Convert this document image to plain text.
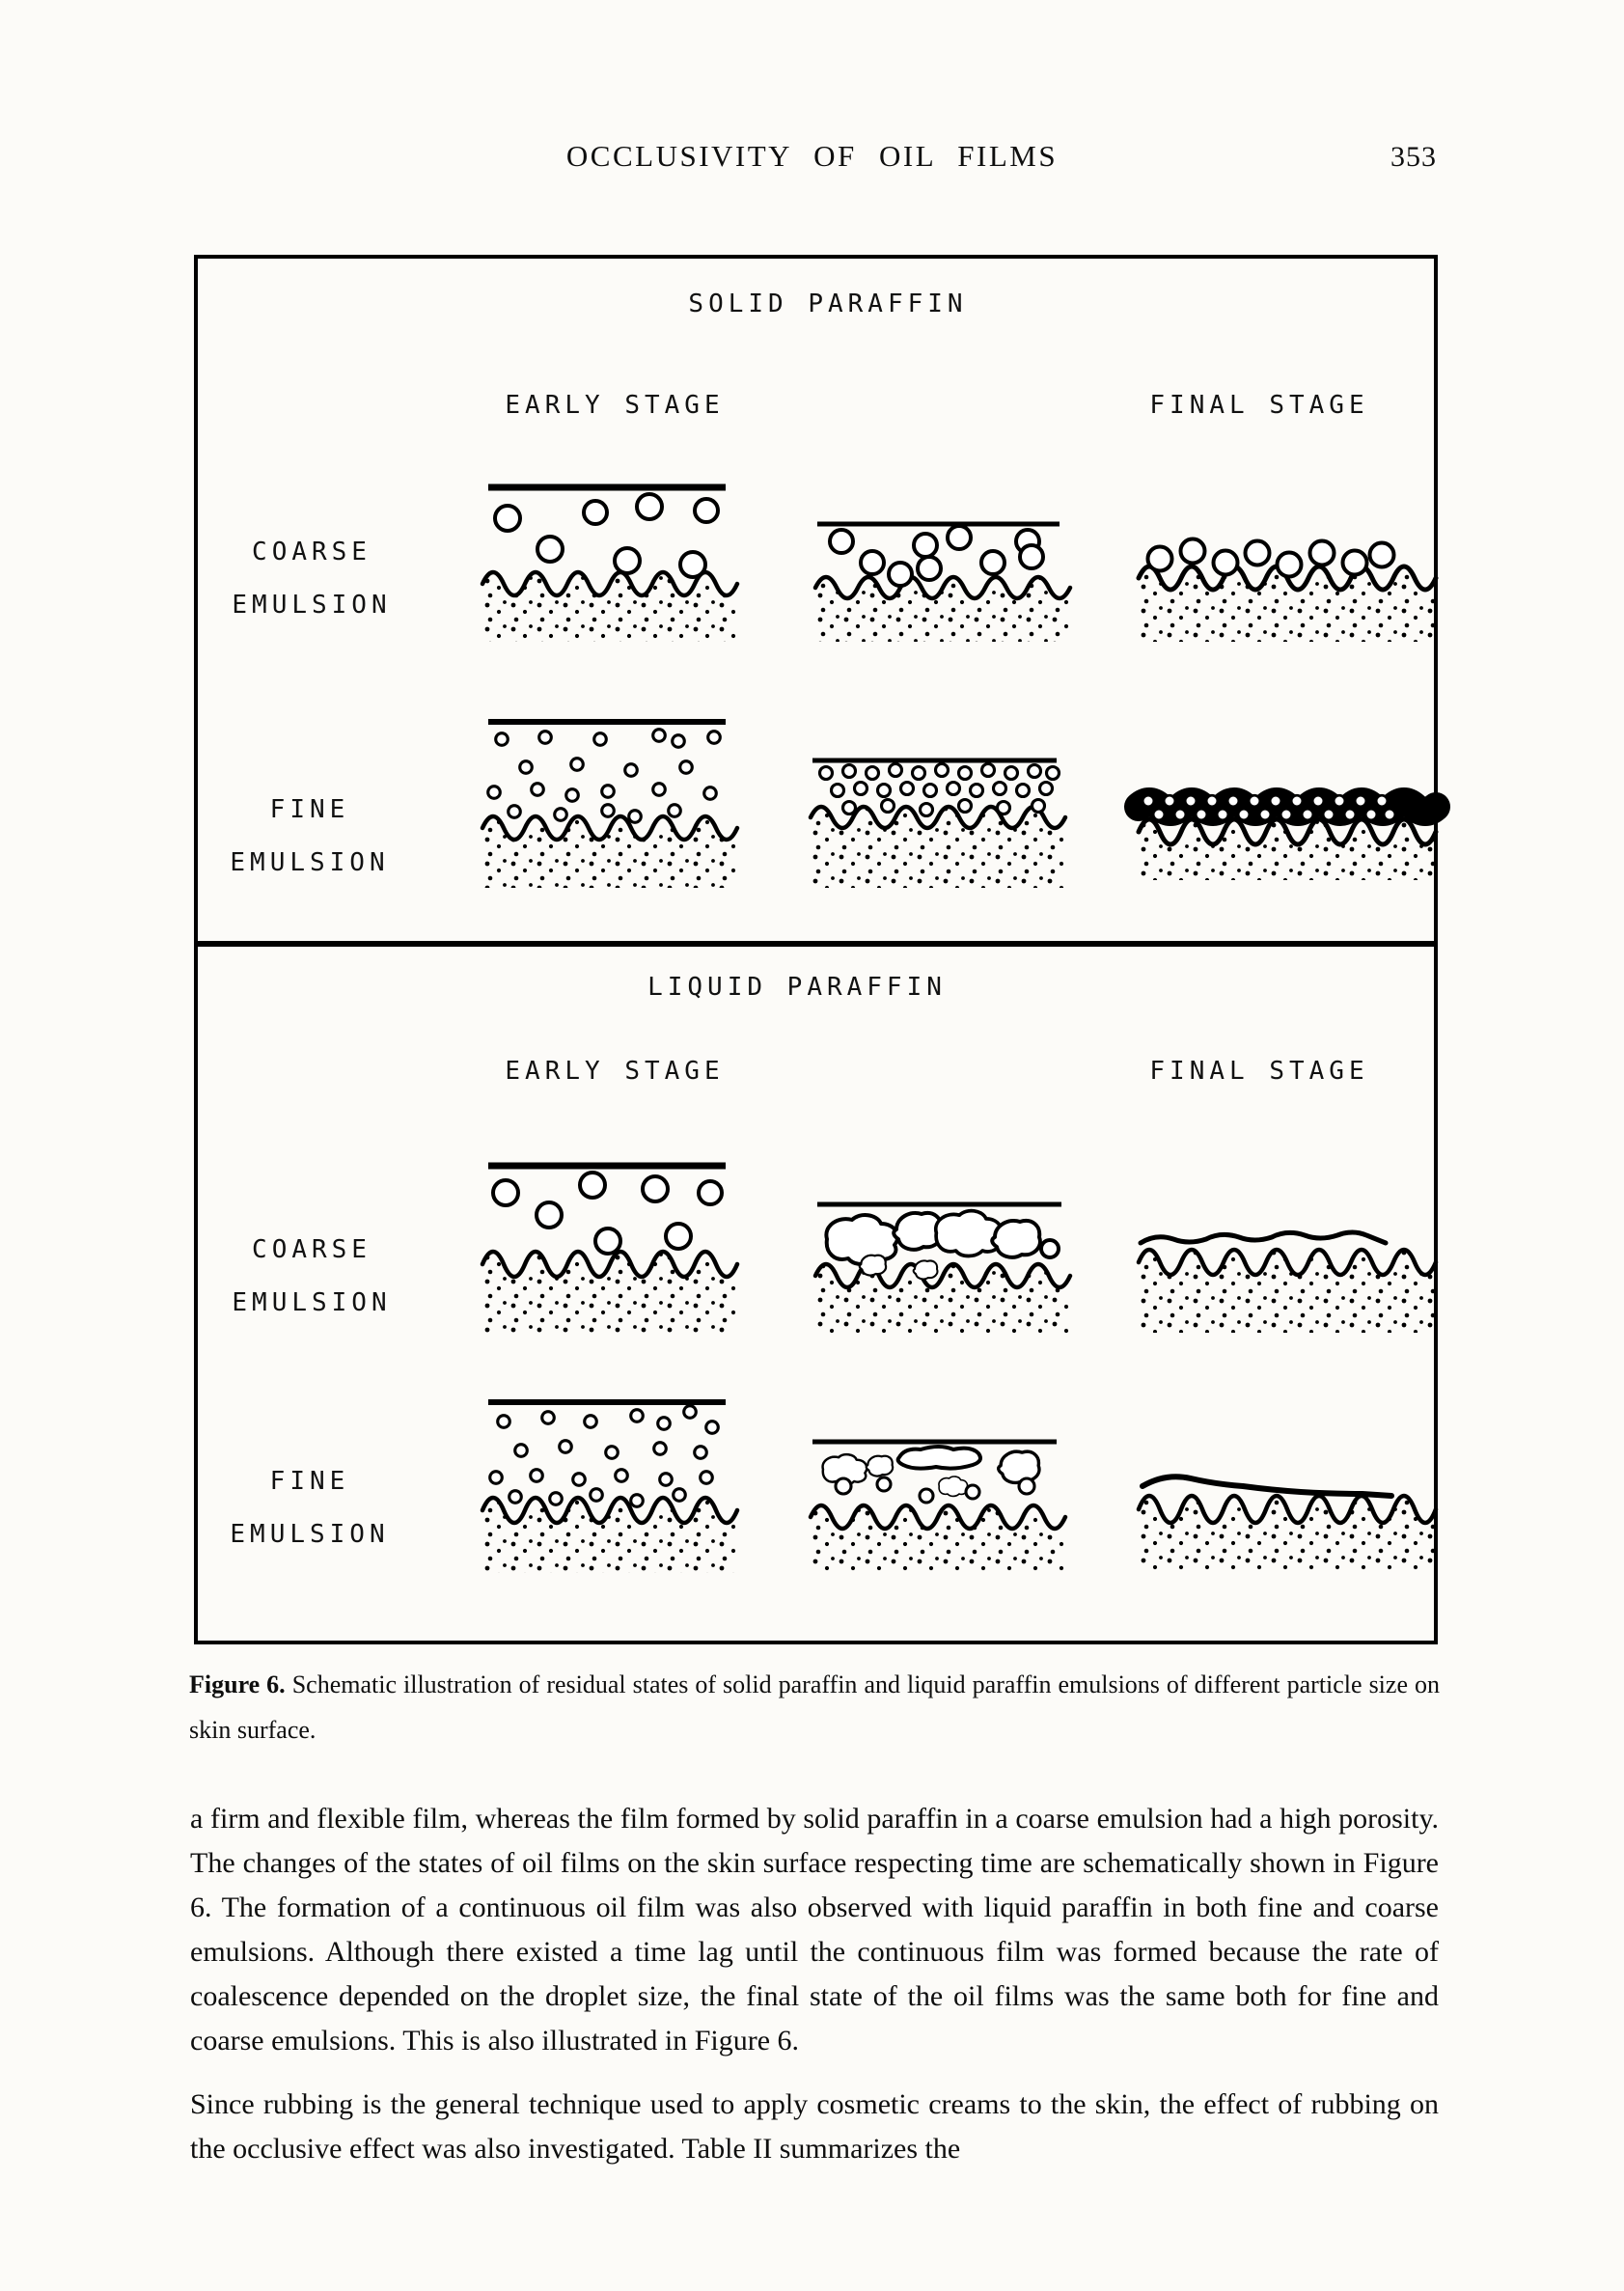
OCCLUSIVITY OF OIL FILMS	353
SOLID PARAFFIN
EARLY STAGE	FINAL STAGE
COARSE
EMULSION
FINE
EMULSION
LIQUID PARAFFIN
EARLY STAGE	FINAL STAGE
COARSE
EMULSION
FINE
EMULSION
Figure 6. Schematic illustration of residual states of solid paraffin and liquid paraffin emulsions of different particle size on skin surface.

a firm and flexible film, whereas the film formed by solid paraffin in a coarse emulsion had a high porosity. The changes of the states of oil films on the skin surface respecting time are schematically shown in Figure 6. The formation of a continuous oil film was also observed with liquid paraffin in both fine and coarse emulsions. Although there existed a time lag until the continuous film was formed because the rate of coalescence depended on the droplet size, the final state of the oil films was the same both for fine and coarse emulsions. This is also illustrated in Figure 6.

Since rubbing is the general technique used to apply cosmetic creams to the skin, the effect of rubbing on the occlusive effect was also investigated. Table II summarizes the
